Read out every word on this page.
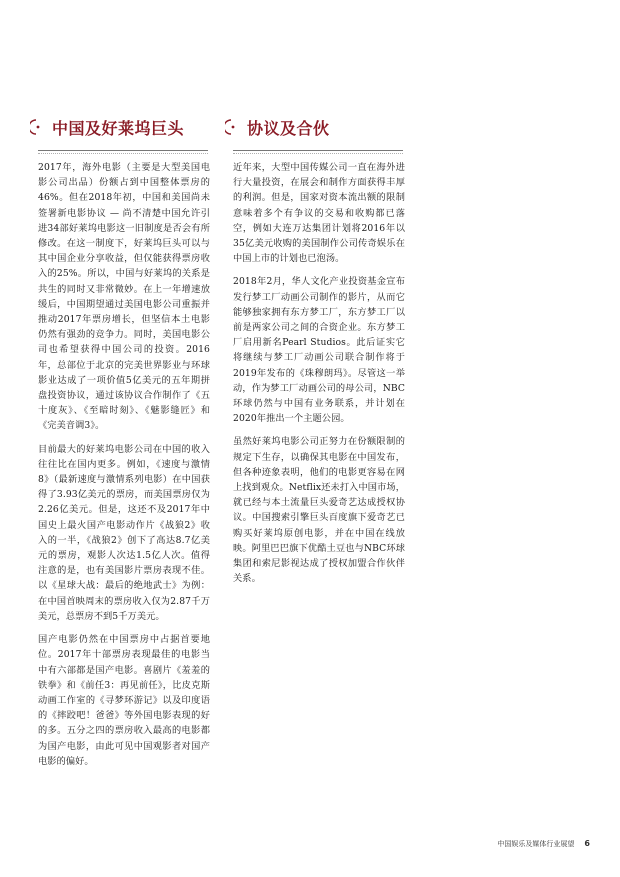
中国及好莱坞巨头

2017年，海外电影（主要是大型美国电影公司出品）份额占到中国整体票房的46%。但在2018年初，中国和美国尚未签署新电影协议 — 尚不清楚中国允许引进34部好莱坞电影这一旧制度是否会有所修改。在这一制度下，好莱坞巨头可以与其中国企业分享收益，但仅能获得票房收入的25%。所以，中国与好莱坞的关系是共生的同时又非常微妙。在上一年增速放缓后，中国期望通过美国电影公司重振并推动2017年票房增长，但坚信本土电影仍然有强劲的竞争力。同时，美国电影公司也希望获得中国公司的投资。2016年，总部位于北京的完美世界影业与环球影业达成了一项价值5亿美元的五年期拼盘投资协议，通过该协议合作制作了《五十度灰》、《至暗时刻》、《魅影缝匠》和《完美音调3》。

目前最大的好莱坞电影公司在中国的收入往往比在国内更多。例如，《速度与激情8》（最新速度与激情系列电影）在中国获得了3.93亿美元的票房，而美国票房仅为2.26亿美元。但是，这还不及2017年中国史上最火国产电影动作片《战狼2》收入的一半，《战狼2》创下了高达8.7亿美元的票房，观影人次达1.5亿人次。值得注意的是，也有美国影片票房表现不佳。以《星球大战：最后的绝地武士》为例：在中国首映周末的票房收入仅为2.87千万美元，总票房不到5千万美元。

国产电影仍然在中国票房中占据首要地位。2017年十部票房表现最佳的电影当中有六部都是国产电影。喜剧片《羞羞的铁拳》和《前任3：再见前任》，比皮克斯动画工作室的《寻梦环游记》以及印度语的《摔跤吧！爸爸》等外国电影表现的好的多。五分之四的票房收入最高的电影都为国产电影，由此可见中国观影者对国产电影的偏好。

协议及合伙

近年来，大型中国传媒公司一直在海外进行大量投资，在展会和制作方面获得丰厚的利润。但是，国家对资本流出额的限制意味着多个有争议的交易和收购都已落空，例如大连万达集团计划将2016年以35亿美元收购的美国制作公司传奇娱乐在中国上市的计划也已泡汤。

2018年2月，华人文化产业投资基金宣布发行梦工厂动画公司制作的影片，从而它能够独家拥有东方梦工厂，东方梦工厂以前是两家公司之间的合资企业。东方梦工厂启用新名Pearl Studios。此后证实它将继续与梦工厂动画公司联合制作将于2019年发布的《珠穆朗玛》。尽管这一举动，作为梦工厂动画公司的母公司，NBC环球仍然与中国有业务联系，并计划在2020年推出一个主题公园。

虽然好莱坞电影公司正努力在份额限制的规定下生存，以确保其电影在中国发布，但各种迹象表明，他们的电影更容易在网上找到观众。Netflix还未打入中国市场，就已经与本土流量巨头爱奇艺达成授权协议。中国搜索引擎巨头百度旗下爱奇艺已购买好莱坞原创电影，并在中国在线放映。阿里巴巴旗下优酷土豆也与NBC环球集团和索尼影视达成了授权加盟合作伙伴关系。

中国娱乐及媒体行业展望 6
